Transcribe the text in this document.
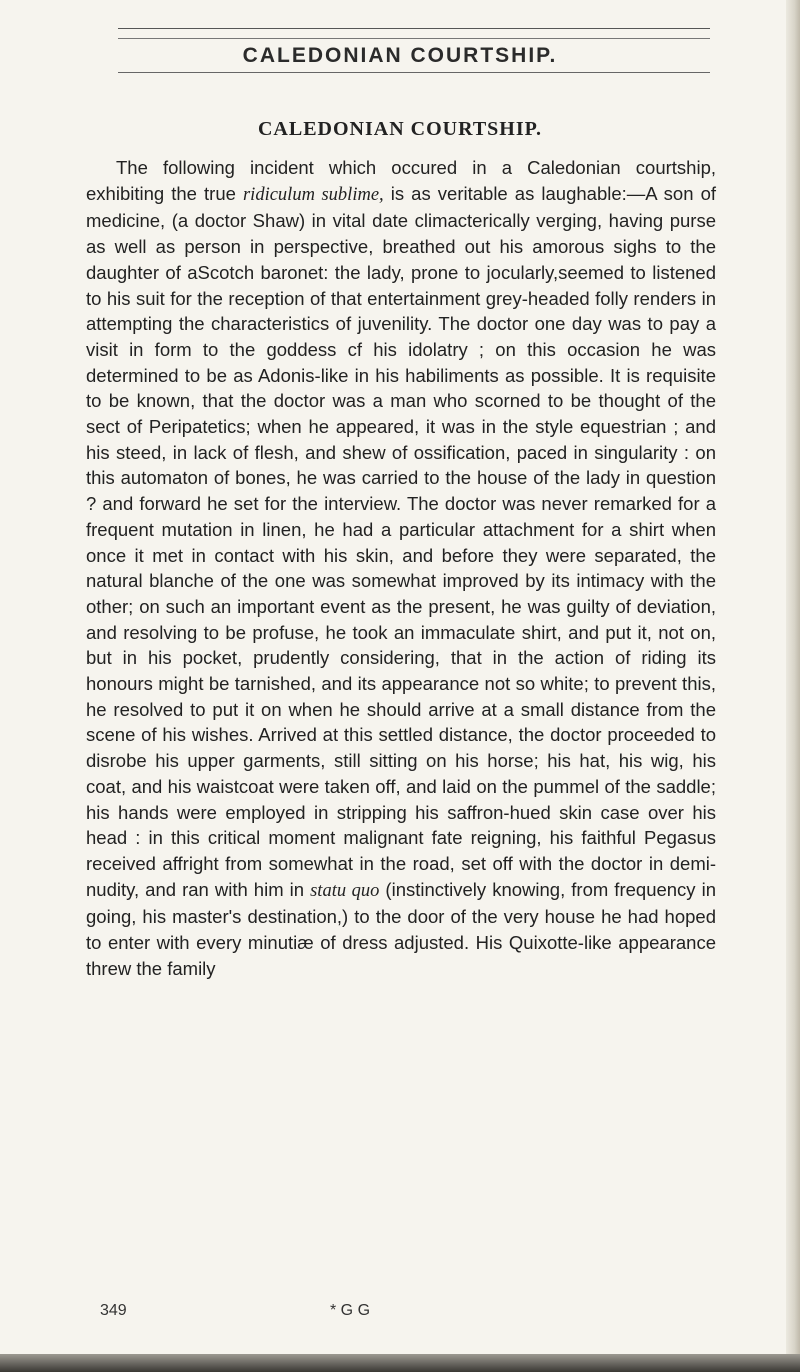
CALEDONIAN COURTSHIP.
CALEDONIAN COURTSHIP.

The following incident which occured in a Caledonian courtship, exhibiting the true ridiculum sublime, is as veritable as laughable:—A son of medicine, (a doctor Shaw) in vital date climacterically verging, having purse as well as person in perspective, breathed out his amorous sighs to the daughter of aScotch baronet: the lady, prone to jocularly,seemed to listened to his suit for the reception of that entertainment grey-headed folly renders in attempting the characteristics of juvenility. The doctor one day was to pay a visit in form to the goddess cf his idolatry ; on this occasion he was determined to be as Adonis-like in his habiliments as possible. It is requisite to be known, that the doctor was a man who scorned to be thought of the sect of Peripatetics; when he appeared, it was in the style equestrian ; and his steed, in lack of flesh, and shew of ossification, paced in singularity : on this automaton of bones, he was carried to the house of the lady in question ? and forward he set for the interview. The doctor was never remarked for a frequent mutation in linen, he had a particular attachment for a shirt when once it met in contact with his skin, and before they were separated, the natural blanche of the one was somewhat improved by its intimacy with the other; on such an important event as the present, he was guilty of deviation, and resolving to be profuse, he took an immaculate shirt, and put it, not on, but in his pocket, prudently considering, that in the action of riding its honours might be tarnished, and its appearance not so white; to prevent this, he resolved to put it on when he should arrive at a small distance from the scene of his wishes. Arrived at this settled distance, the doctor proceeded to disrobe his upper garments, still sitting on his horse; his hat, his wig, his coat, and his waistcoat were taken off, and laid on the pummel of the saddle; his hands were employed in stripping his saffron-hued skin case over his head : in this critical moment malignant fate reigning, his faithful Pegasus received affright from somewhat in the road, set off with the doctor in demi-nudity, and ran with him in statu quo (instinctively knowing, from frequency in going, his master's destination,) to the door of the very house he had hoped to enter with every minutiæ of dress adjusted. His Quixotte-like appearance threw the family

349	* G G
